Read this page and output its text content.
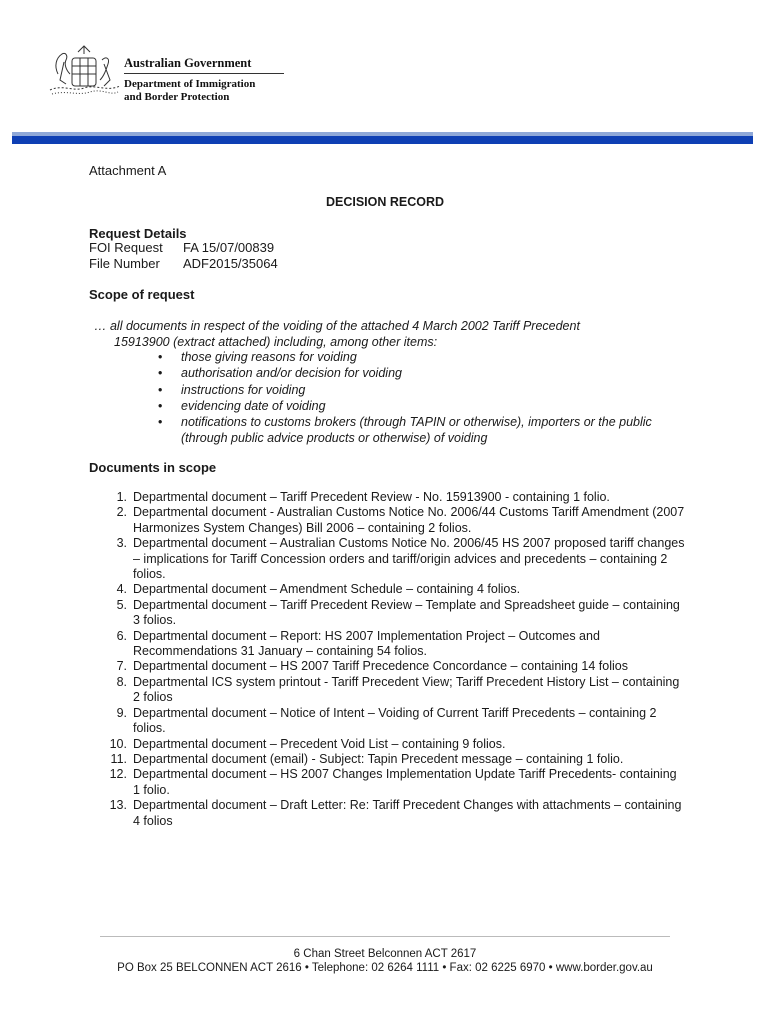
Australian Government
Department of Immigration
and Border Protection
Attachment A
DECISION RECORD
Request Details
FOI Request FA 15/07/00839
File Number ADF2015/35064
Scope of request
… all documents in respect of the voiding of the attached 4 March 2002 Tariff Precedent
15913900 (extract attached) including, among other items:
• those giving reasons for voiding
• authorisation and/or decision for voiding
• instructions for voiding
• evidencing date of voiding
• notifications to customs brokers (through TAPIN or otherwise), importers or the public (through public advice products or otherwise) of voiding
Documents in scope
1. Departmental document – Tariff Precedent Review - No. 15913900 - containing 1 folio.
2. Departmental document - Australian Customs Notice No. 2006/44 Customs Tariff Amendment (2007 Harmonizes System Changes) Bill 2006 – containing 2 folios.
3. Departmental document – Australian Customs Notice No. 2006/45 HS 2007 proposed tariff changes – implications for Tariff Concession orders and tariff/origin advices and precedents – containing 2 folios.
4. Departmental document – Amendment Schedule – containing 4 folios.
5. Departmental document – Tariff Precedent Review – Template and Spreadsheet guide – containing 3 folios.
6. Departmental document – Report: HS 2007 Implementation Project – Outcomes and Recommendations 31 January – containing 54 folios.
7. Departmental document – HS 2007 Tariff Precedence Concordance – containing 14 folios
8. Departmental ICS system printout - Tariff Precedent View; Tariff Precedent History List – containing 2 folios
9. Departmental document – Notice of Intent – Voiding of Current Tariff Precedents – containing 2 folios.
10. Departmental document – Precedent Void List – containing 9 folios.
11. Departmental document (email) - Subject: Tapin Precedent message – containing 1 folio.
12. Departmental document – HS 2007 Changes Implementation Update Tariff Precedents- containing 1 folio.
13. Departmental document – Draft Letter: Re: Tariff Precedent Changes with attachments – containing 4 folios
6 Chan Street Belconnen ACT 2617
PO Box 25 BELCONNEN ACT 2616 • Telephone: 02 6264 1111 • Fax: 02 6225 6970 • www.border.gov.au
